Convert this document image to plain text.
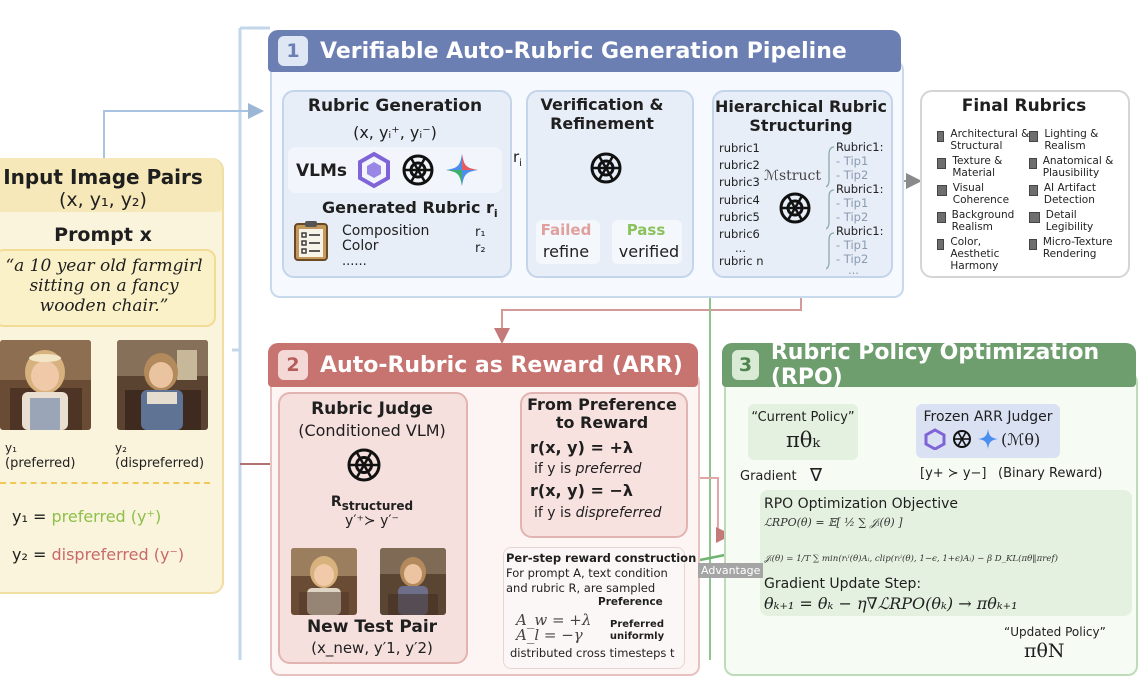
Input Image Pairs
(x, y₁, y₂)
Prompt x
“a 10 year old farmgirl sitting on a fancy wooden chair.”
y₁
(preferred)
y₂
(dispreferred)
y₁ = preferred (y⁺)
y₂ = dispreferred (y⁻)
1 Verifiable Auto-Rubric Generation Pipeline
Rubric Generation
(x, yᵢ⁺, yᵢ⁻)
VLMs
Generated Rubric $r_i$
Composition
Color
......
r₁
r₂
$r_i$
Verification & Refinement
Failed
refine
Pass
verified
Hierarchical Rubric Structuring
rubric1
rubric2
rubric3
rubric4
rubric5
rubric6
...
rubric n
ℳstruct
Rubric1:
- Tip1
- Tip2
Rubric1:
- Tip1
- Tip2
Rubric1:
- Tip1
- Tip2
...
Final Rubrics
Architectural & Structural
Texture & Material
Visual Coherence
Background Realism
Color, Aesthetic Harmony
Lighting & Realism
Anatomical & Plausibility
AI Artifact Detection
Detail Legibility
Micro-Texture Rendering
2 Auto-Rubric as Reward (ARR)
Rubric Judge
(Conditioned VLM)
$R_{structured}$
y′⁺≻ y′⁻
New Test Pair
(x_new, y′1, y′2)
From Preference to Reward
r(x, y) = +λ
if y is preferred
r(x, y) = −λ
if y is dispreferred
Per-step reward construction
For prompt A, text condition and rubric R, are sampled
Preference
A_w = +λ
A_l = −γ
Preferred uniformly
distributed cross timesteps t
3 Rubric Policy Optimization (RPO)
“Current Policy”
πθₖ
Frozen ARR Judger
(ℳθ)
Gradient ∇	[y+ ≻ y−] (Binary Reward)
RPO Optimization Objective
ℒRPO(θ) = 𝔼[ ½ ∑ 𝒥ᵢ(θ) ]
𝒥ᵢ(θ) = 1/T ∑ min(rₜⁱ(θ)Aᵢ, clip(rₜⁱ(θ), 1−ϵ, 1+ϵ)Aᵢ) − β D_KL(πθ‖πref)
Advantage
Gradient Update Step:
θₖ₊₁ = θₖ − η∇ℒRPO(θₖ) → πθₖ₊₁
“Updated Policy”
πθN
